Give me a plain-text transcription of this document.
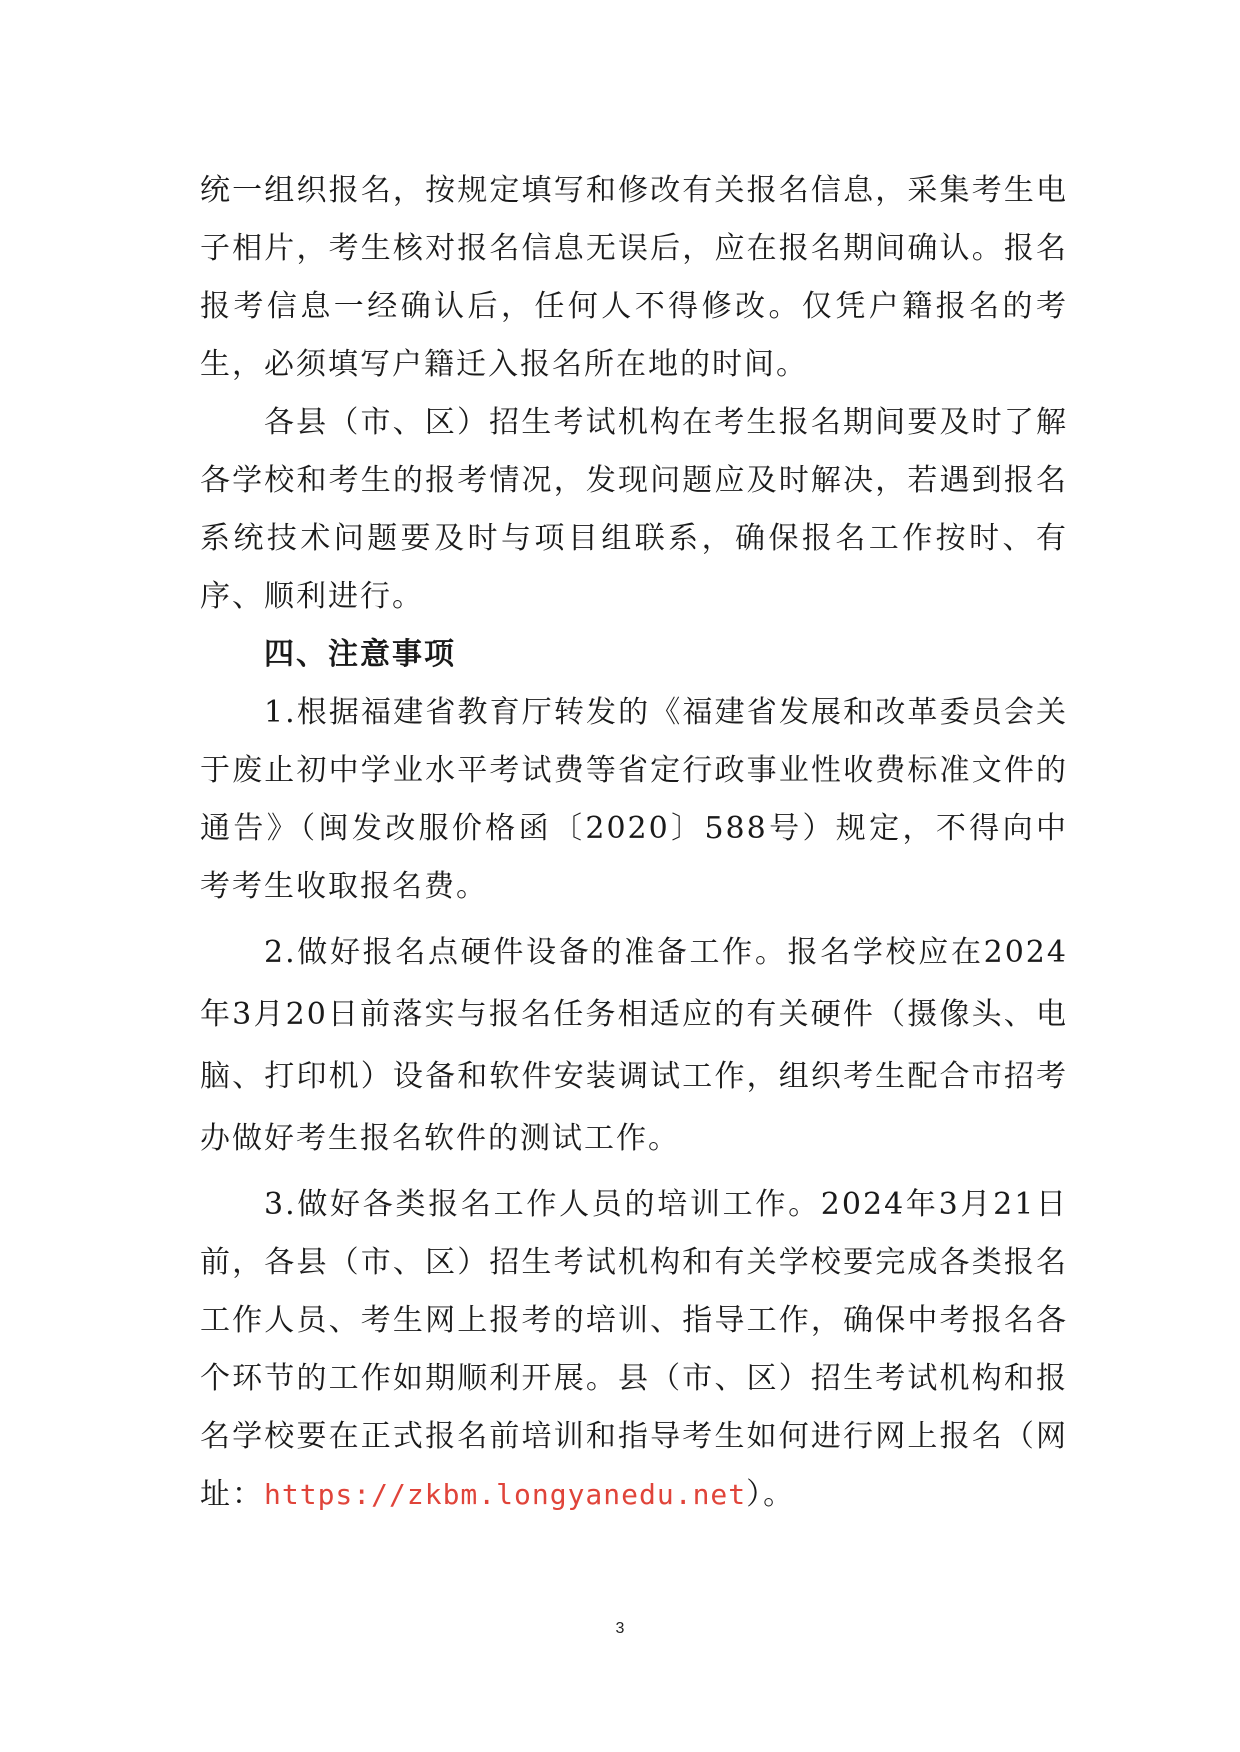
统一组织报名，按规定填写和修改有关报名信息，采集考生电子相片，考生核对报名信息无误后，应在报名期间确认。报名报考信息一经确认后，任何人不得修改。仅凭户籍报名的考生，必须填写户籍迁入报名所在地的时间。

各县（市、区）招生考试机构在考生报名期间要及时了解各学校和考生的报考情况，发现问题应及时解决，若遇到报名系统技术问题要及时与项目组联系，确保报名工作按时、有序、顺利进行。

四、注意事项

1.根据福建省教育厅转发的《福建省发展和改革委员会关于废止初中学业水平考试费等省定行政事业性收费标准文件的通告》（闽发改服价格函〔2020〕588号）规定，不得向中考考生收取报名费。

2.做好报名点硬件设备的准备工作。报名学校应在2024年3月20日前落实与报名任务相适应的有关硬件（摄像头、电脑、打印机）设备和软件安装调试工作，组织考生配合市招考办做好考生报名软件的测试工作。

3.做好各类报名工作人员的培训工作。2024年3月21日前，各县（市、区）招生考试机构和有关学校要完成各类报名工作人员、考生网上报考的培训、指导工作，确保中考报名各个环节的工作如期顺利开展。县（市、区）招生考试机构和报名学校要在正式报名前培训和指导考生如何进行网上报名（网址：https://zkbm.longyanedu.net）。

3
